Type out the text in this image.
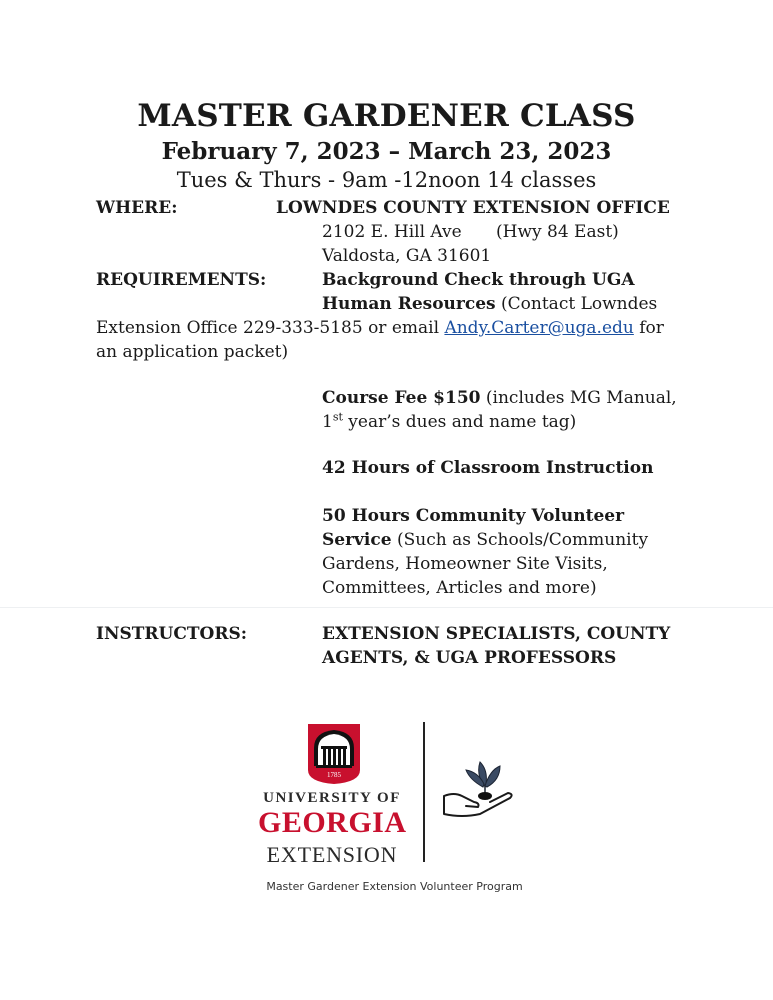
MASTER GARDENER CLASS
February 7, 2023 – March 23, 2023
Tues & Thurs - 9am -12noon 14 classes
WHERE:	LOWNDES COUNTY EXTENSION OFFICE
2102 E. Hill Ave (Hwy 84 East)
Valdosta, GA 31601
REQUIREMENTS:	Background Check through UGA
Human Resources (Contact Lowndes
Extension Office 229-333-5185 or email Andy.Carter@uga.edu for
an application packet)
Course Fee $150 (includes MG Manual,
1st year’s dues and name tag)
42 Hours of Classroom Instruction
50 Hours Community Volunteer
Service (Such as Schools/Community
Gardens, Homeowner Site Visits,
Committees, Articles and more)
INSTRUCTORS:	EXTENSION SPECIALISTS, COUNTY
AGENTS, & UGA PROFESSORS
1785
UNIVERSITY OF
GEORGIA
EXTENSION
Master Gardener Extension Volunteer Program
